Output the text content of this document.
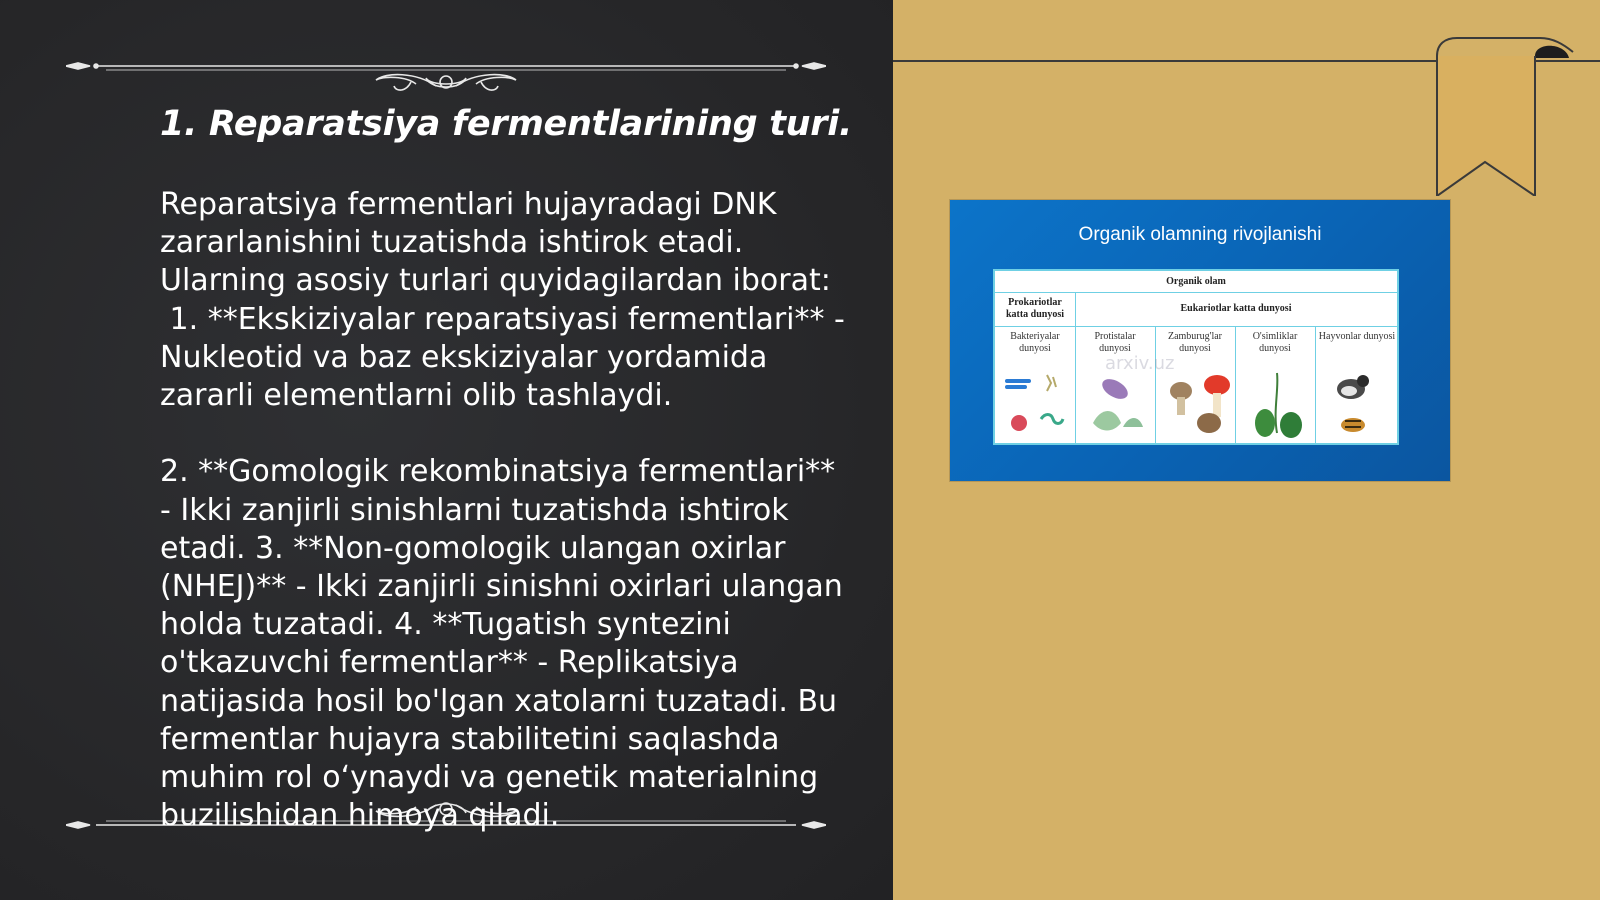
1. Reparatsiya fermentlarining turi.

Reparatsiya fermentlari hujayradagi DNK zararlanishini tuzatishda ishtirok etadi. Ularning asosiy turlari quyidagilardan iborat:
1. **Ekskiziyalar reparatsiyasi fermentlari** - Nukleotid va baz ekskiziyalar yordamida zararli elementlarni olib tashlaydi.

2. **Gomologik rekombinatsiya fermentlari** - Ikki zanjirli sinishlarni tuzatishda ishtirok etadi. 3. **Non-gomologik ulangan oxirlar (NHEJ)** - Ikki zanjirli sinishni oxirlari ulangan holda tuzatadi. 4. **Tugatish syntezini o'tkazuvchi fermentlar** - Replikatsiya natijasida hosil bo'lgan xatolarni tuzatadi. Bu fermentlar hujayra stabilitetini saqlashda muhim rol o‘ynaydi va genetik materialning buzilishidan himoya qiladi.

Organik olamning rivojlanishi
Organik olam
Prokariotlar
katta dunyosi
Eukariotlar katta dunyosi
Bakteriyalar
dunyosi
Protistalar
dunyosi
Zamburug'lar
dunyosi
O'simliklar
dunyosi
Hayvonlar dunyosi
arxiv.uz
